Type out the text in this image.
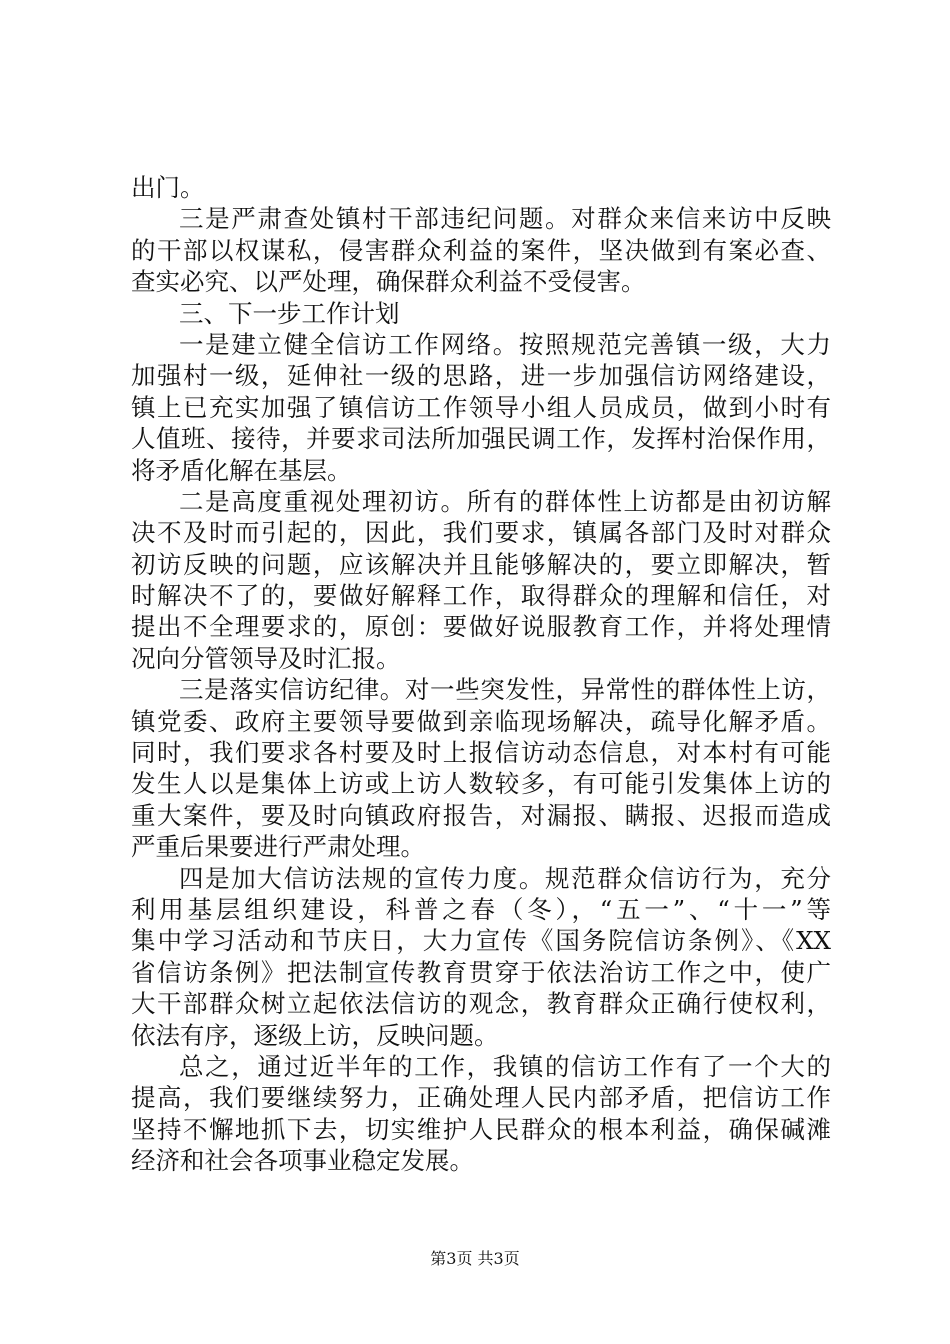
出门。
三是严肃查处镇村干部违纪问题。对群众来信来访中反映
的干部以权谋私，侵害群众利益的案件，坚决做到有案必查、
查实必究、以严处理，确保群众利益不受侵害。
三、下一步工作计划
一是建立健全信访工作网络。按照规范完善镇一级，大力
加强村一级，延伸社一级的思路，进一步加强信访网络建设，
镇上已充实加强了镇信访工作领导小组人员成员，做到小时有
人值班、接待，并要求司法所加强民调工作，发挥村治保作用，
将矛盾化解在基层。
二是高度重视处理初访。所有的群体性上访都是由初访解
决不及时而引起的，因此，我们要求，镇属各部门及时对群众
初访反映的问题，应该解决并且能够解决的，要立即解决，暂
时解决不了的，要做好解释工作，取得群众的理解和信任，对
提出不全理要求的，原创：要做好说服教育工作，并将处理情
况向分管领导及时汇报。
三是落实信访纪律。对一些突发性，异常性的群体性上访，
镇党委、政府主要领导要做到亲临现场解决，疏导化解矛盾。
同时，我们要求各村要及时上报信访动态信息，对本村有可能
发生人以是集体上访或上访人数较多，有可能引发集体上访的
重大案件，要及时向镇政府报告，对漏报、瞒报、迟报而造成
严重后果要进行严肃处理。
四是加大信访法规的宣传力度。规范群众信访行为，充分
利用基层组织建设，科普之春（冬），“五一”、“十一”等
集中学习活动和节庆日，大力宣传《国务院信访条例》、《XX
省信访条例》把法制宣传教育贯穿于依法治访工作之中，使广
大干部群众树立起依法信访的观念，教育群众正确行使权利，
依法有序，逐级上访，反映问题。
总之，通过近半年的工作，我镇的信访工作有了一个大的
提高，我们要继续努力，正确处理人民内部矛盾，把信访工作
坚持不懈地抓下去，切实维护人民群众的根本利益，确保碱滩
经济和社会各项事业稳定发展。
第3页 共3页
